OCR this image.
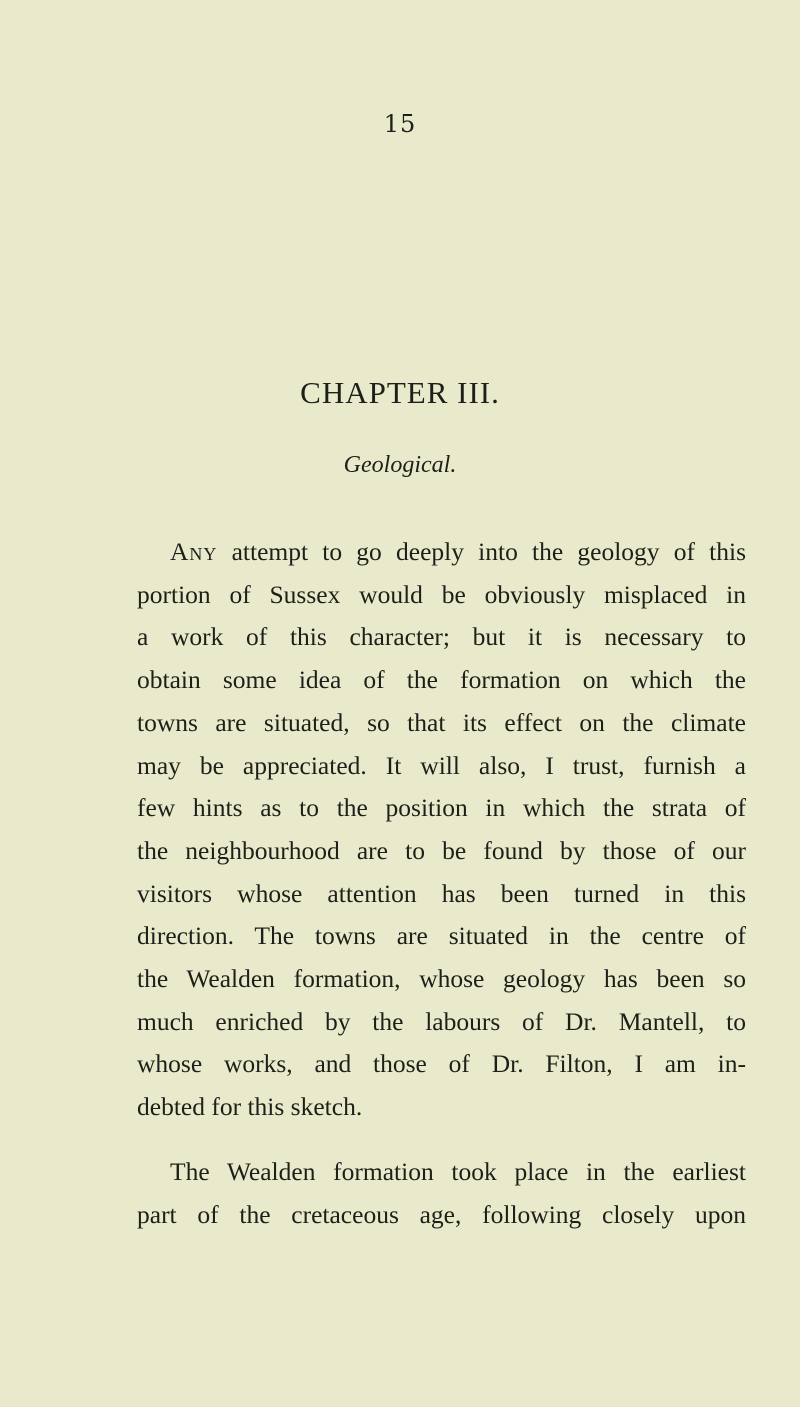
15
CHAPTER III.
Geological.
Any attempt to go deeply into the geology of this
portion of Sussex would be obviously misplaced in
a work of this character; but it is necessary to
obtain some idea of the formation on which the
towns are situated, so that its effect on the climate
may be appreciated. It will also, I trust, furnish a
few hints as to the position in which the strata of
the neighbourhood are to be found by those of our
visitors whose attention has been turned in this
direction. The towns are situated in the centre of
the Wealden formation, whose geology has been so
much enriched by the labours of Dr. Mantell, to
whose works, and those of Dr. Filton, I am in-
debted for this sketch.
The Wealden formation took place in the earliest
part of the cretaceous age, following closely upon
